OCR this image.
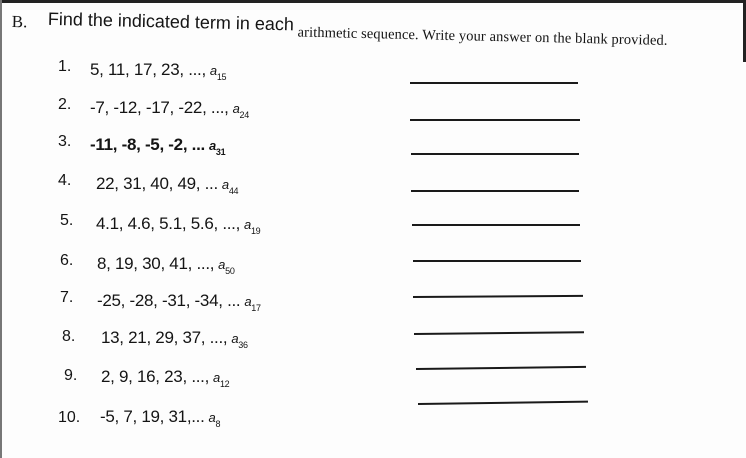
B. Find the indicated term in each
arithmetic sequence. Write your answer on the blank provided.
1. 5, 11, 17, 23, ..., $a_{15}$
2. -7, -12, -17, -22, ..., $a_{24}$
3. -11, -8, -5, -2, ... $a_{31}$
4. 22, 31, 40, 49, ... $a_{44}$
5. 4.1, 4.6, 5.1, 5.6, ..., $a_{19}$
6. 8, 19, 30, 41, ..., $a_{50}$
7. -25, -28, -31, -34, ... $a_{17}$
8. 13, 21, 29, 37, ..., $a_{36}$
9. 2, 9, 16, 23, ..., $a_{12}$
10. -5, 7, 19, 31,... $a_8$
